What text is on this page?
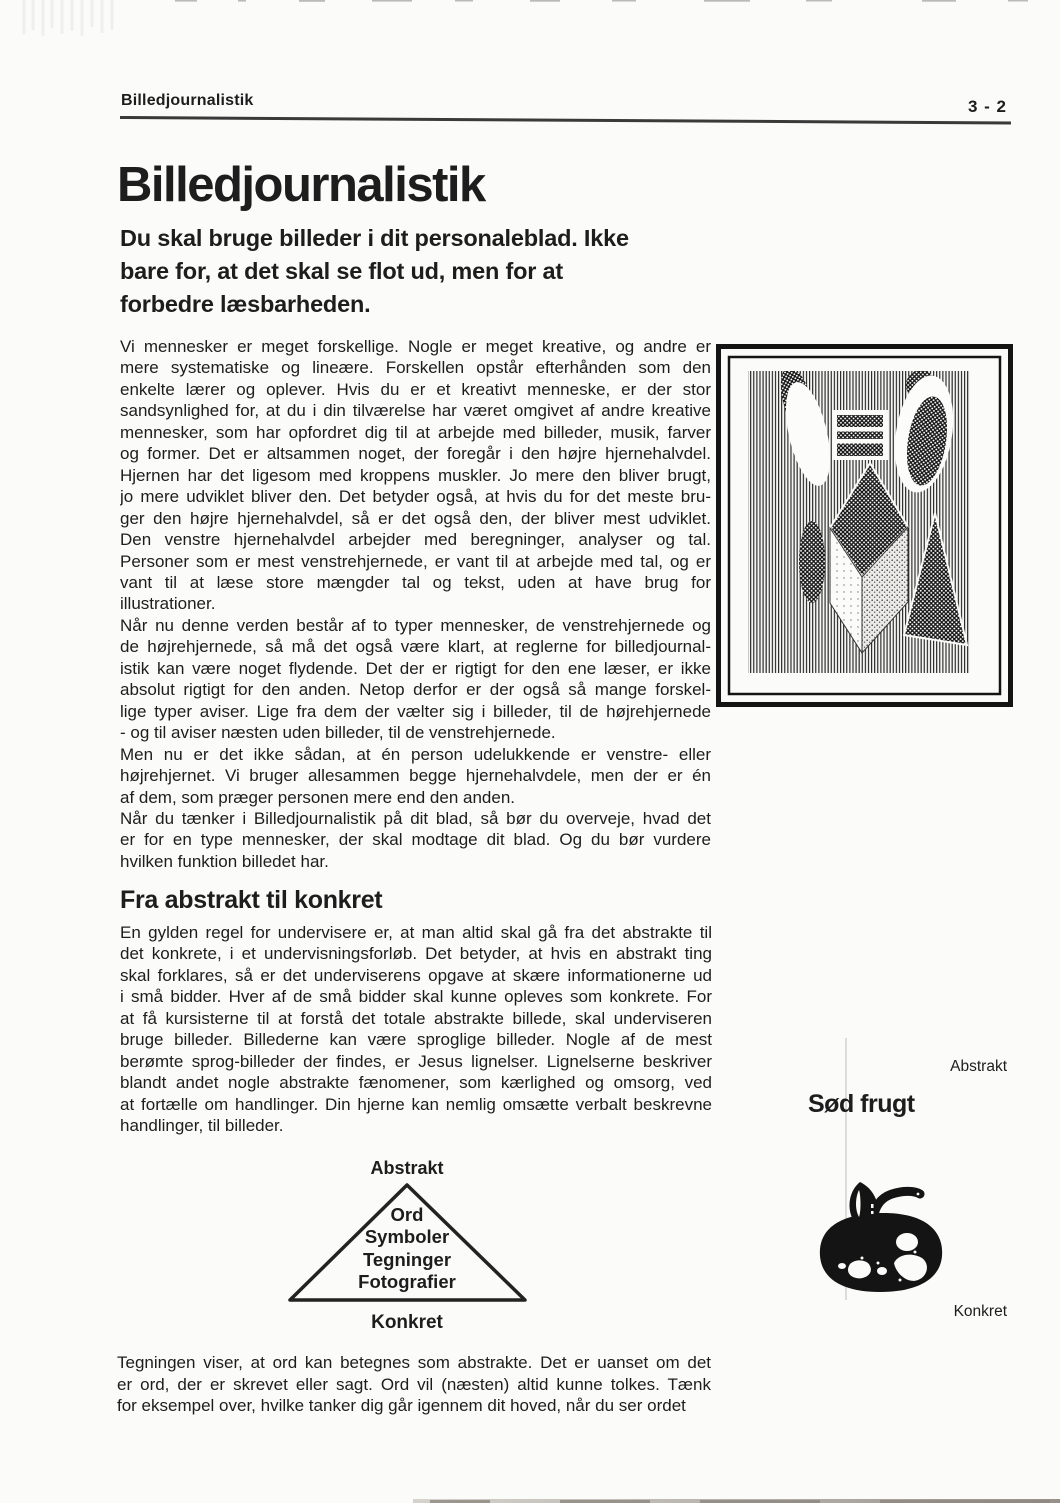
Billedjournalistik	3 - 2
Billedjournalistik
Du skal bruge billeder i dit personaleblad. Ikke
bare for, at det skal se flot ud, men for at
forbedre læsbarheden.
Vi mennesker er meget forskellige. Nogle er meget kreative, og andre er
mere systematiske og lineære. Forskellen opstår efterhånden som den
enkelte lærer og oplever. Hvis du er et kreativt menneske, er der stor
sandsynlighed for, at du i din tilværelse har været omgivet af andre kreative
mennesker, som har opfordret dig til at arbejde med billeder, musik, farver
og former. Det er altsammen noget, der foregår i den højre hjernehalvdel.
Hjernen har det ligesom med kroppens muskler. Jo mere den bliver brugt,
jo mere udviklet bliver den. Det betyder også, at hvis du for det meste bru-
ger den højre hjernehalvdel, så er det også den, der bliver mest udviklet.
Den venstre hjernehalvdel arbejder med beregninger, analyser og tal.
Personer som er mest venstrehjernede, er vant til at arbejde med tal, og er
vant til at læse store mængder tal og tekst, uden at have brug for
illustrationer.
Når nu denne verden består af to typer mennesker, de venstrehjernede og
de højrehjernede, så må det også være klart, at reglerne for billedjournal-
istik kan være noget flydende. Det der er rigtigt for den ene læser, er ikke
absolut rigtigt for den anden. Netop derfor er der også så mange forskel-
lige typer aviser. Lige fra dem der vælter sig i billeder, til de højrehjernede
- og til aviser næsten uden billeder, til de venstrehjernede.
Men nu er det ikke sådan, at én person udelukkende er venstre- eller
højrehjernet. Vi bruger allesammen begge hjernehalvdele, men der er én
af dem, som præger personen mere end den anden.
Når du tænker i Billedjournalistik på dit blad, så bør du overveje, hvad det
er for en type mennesker, der skal modtage dit blad. Og du bør vurdere
hvilken funktion billedet har.
Fra abstrakt til konkret
En gylden regel for undervisere er, at man altid skal gå fra det abstrakte til
det konkrete, i et undervisningsforløb. Det betyder, at hvis en abstrakt ting
skal forklares, så er det underviserens opgave at skære informationerne ud
i små bidder. Hver af de små bidder skal kunne opleves som konkrete. For
at få kursisterne til at forstå det totale abstrakte billede, skal underviseren
bruge billeder. Billederne kan være sproglige billeder. Nogle af de mest
berømte sprog-billeder der findes, er Jesus lignelser. Lignelserne beskriver
blandt andet nogle abstrakte fænomener, som kærlighed og omsorg, ved
at fortælle om handlinger. Din hjerne kan nemlig omsætte verbalt beskrevne
handlinger, til billeder.
Abstrakt
Ord
Symboler
Tegninger
Fotografier
Konkret
Abstrakt
Sød frugt
Konkret
Tegningen viser, at ord kan betegnes som abstrakte. Det er uanset om det
er ord, der er skrevet eller sagt. Ord vil (næsten) altid kunne tolkes. Tænk
for eksempel over, hvilke tanker dig går igennem dit hoved, når du ser ordet
